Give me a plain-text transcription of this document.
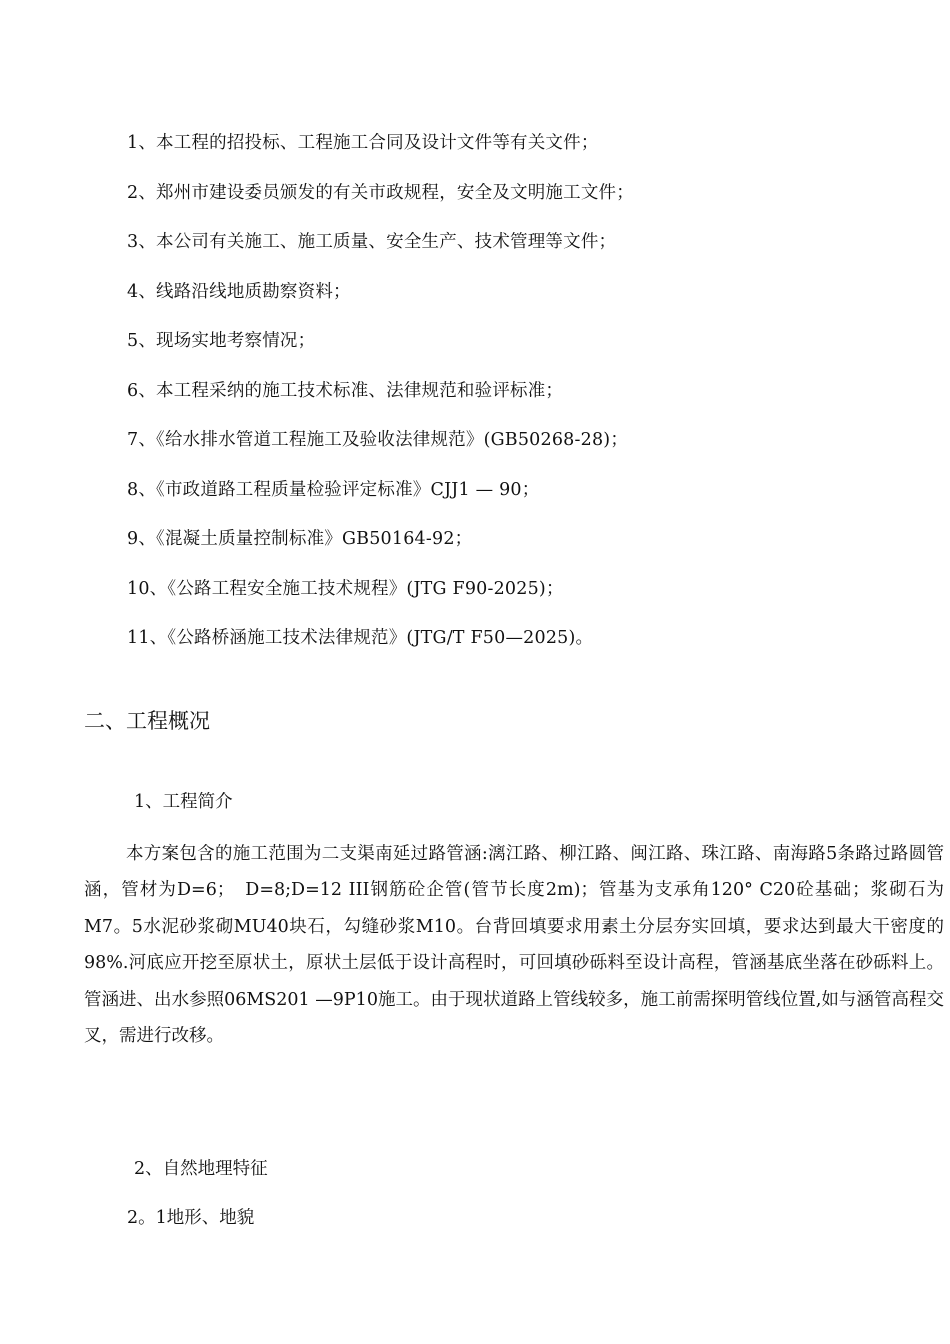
1、本工程的招投标、工程施工合同及设计文件等有关文件；
2、郑州市建设委员颁发的有关市政规程，安全及文明施工文件；
3、本公司有关施工、施工质量、安全生产、技术管理等文件；
4、线路沿线地质勘察资料；
5、现场实地考察情况；
6、本工程采纳的施工技术标准、法律规范和验评标准；
7、《给水排水管道工程施工及验收法律规范》(GB50268-28)；
8、《市政道路工程质量检验评定标准》CJJ1 — 90；
9、《混凝土质量控制标准》GB50164-92；
10、《公路工程安全施工技术规程》(JTG F90-2025)；
11、《公路桥涵施工技术法律规范》(JTG/T F50—2025)。
二、工程概况
1、工程简介

本方案包含的施工范围为二支渠南延过路管涵:漓江路、柳江路、闽江路、珠江路、南海路5条路过路圆管涵，管材为D=6；　D=8;D=12 III钢筋砼企管(管节长度2m)；管基为支承角120° C20砼基础；浆砌石为M7。5水泥砂浆砌MU40块石，勾缝砂浆M10。台背回填要求用素土分层夯实回填，要求达到最大干密度的98%.河底应开挖至原状土，原状土层低于设计高程时，可回填砂砾料至设计高程，管涵基底坐落在砂砾料上。管涵进、出水参照06MS201 —9P10施工。由于现状道路上管线较多，施工前需探明管线位置,如与涵管高程交叉，需进行改移。

2、自然地理特征
2。1地形、地貌
